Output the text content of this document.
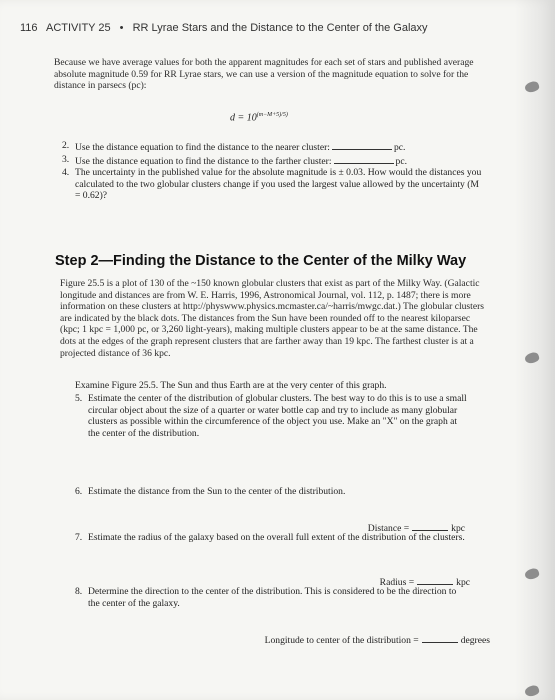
116 ACTIVITY 25 • RR Lyrae Stars and the Distance to the Center of the Galaxy
Because we have average values for both the apparent magnitudes for each set of stars and published average absolute magnitude 0.59 for RR Lyrae stars, we can use a version of the magnitude equation to solve for the distance in parsecs (pc):
$d = 10^{(m-M+5)/5)}$
2. Use the distance equation to find the distance to the nearer cluster:	pc.
3. Use the distance equation to find the distance to the farther cluster:	pc.
4. The uncertainty in the published value for the absolute magnitude is ± 0.03. How would the distances you calculated to the two globular clusters change if you used the largest value allowed by the uncertainty (M = 0.62)?
Step 2—Finding the Distance to the Center of the Milky Way
Figure 25.5 is a plot of 130 of the ~150 known globular clusters that exist as part of the Milky Way. (Galactic longitude and distances are from W. E. Harris, 1996, Astronomical Journal, vol. 112, p. 1487; there is more information on these clusters at http://physwww.physics.mcmaster.ca/~harris/mwgc.dat.) The globular clusters are indicated by the black dots. The distances from the Sun have been rounded off to the nearest kiloparsec (kpc; 1 kpc = 1,000 pc, or 3,260 light-years), making multiple clusters appear to be at the same distance. The dots at the edges of the graph represent clusters that are farther away than 19 kpc. The farthest cluster is at a projected distance of 36 kpc.
Examine Figure 25.5. The Sun and thus Earth are at the very center of this graph.
5. Estimate the center of the distribution of globular clusters. The best way to do this is to use a small circular object about the size of a quarter or water bottle cap and try to include as many globular clusters as possible within the circumference of the object you use. Make an "X" on the graph at the center of the distribution.
6. Estimate the distance from the Sun to the center of the distribution.
Distance =	kpc
7. Estimate the radius of the galaxy based on the overall full extent of the distribution of the clusters.
Radius =	kpc
8. Determine the direction to the center of the distribution. This is considered to be the direction to the center of the galaxy.
Longitude to center of the distribution =	degrees
